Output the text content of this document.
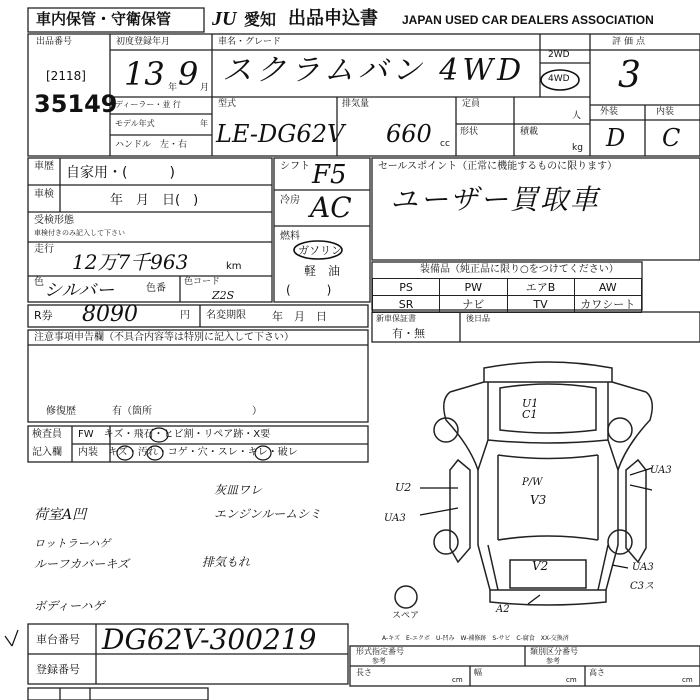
車内保管・守衛保管 JU 愛知 出品申込書 JAPAN USED CAR DEALERS ASSOCIATION
出品番号
[2118]
35149
初度登録年月
13 9
年	月
車名・グレード
スクラムバン 4WD	2WD
4WD
ディーラー・並 行
モデル年式	年
ハンドル　左・右
型式
LE-DG62V
排気量
660 cc
定員
人
形状	積載
kg
評価点
3
外装	内装
D C
車歴 自家用・(　　　)
車検	年　月　日(　)
受検形態
車検付きのみ記入して下さい
走行
12万7千963	km
色 シルバー	色番
色コード
Z2S
シフト F5
冷房 AC
燃料
ガソリン
軽　油
(　　　)
セールスポイント（正常に機能するものに限ります）
ユーザー買取車
装備品（純正品に限り○をつけてください）
PS	PW	エアB	AW
SR	ナビ	TV	カワシート
R券 8090	円 名変期限 年　月　日	新車保証書
有・無
後日品
注意事項申告欄（不具合内容等は特別に記入して下さい）
修復歴	有（箇所　　　　　　　　　　）
検査員
記入欄
FW　キズ・飛石・ヒビ割・リペア跡・X要
内装　キズ・汚れ・コゲ・穴・スレ・キレ・破レ
荷室A凹
ロットラーハゲ
ルーフカバーキズ	排気もれ
ボディーハゲ
灰皿ワレ
エンジンルームシミ
U1 C1
U2
UA3
P/W
V3
V2
UA3
A2
UA3
C3ス
スペア
A-キズ　E-エクボ　U-凹み　W-補修跡　S-サビ　C-腐食　XX-交換済
車台番号 DG62V-300219
登録番号
形式指定番号
参考
類別区分番号
参考
長さ	幅	高さ
cm	cm	cm
